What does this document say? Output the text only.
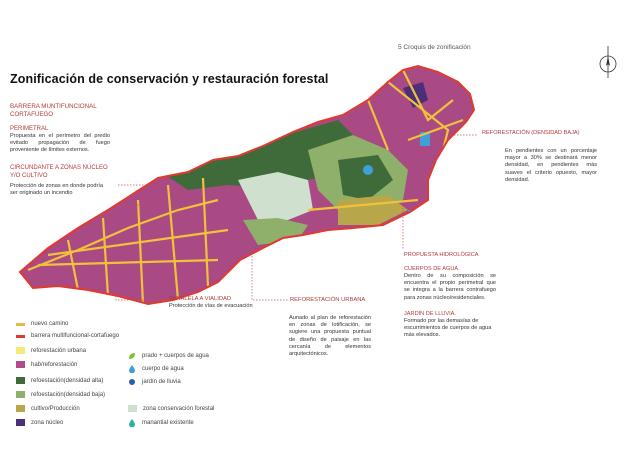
5 Croquis de zonificación
Zonificación de conservación y restauración forestal
BARRERA MUNTIFUNCIONAL CORTAFUEGO
PERIMETRAL
Propuesta en el perímetro del predio evitado propagación de fuego proveniente de límites externos.
CIRCUNDANTE A ZONAS NÚCLEO Y/O CULTIVO
Protección de zonas en donde podría ser originado un incendio
PARALELA A VIALIDAD
Protección de vías de evacuación
REFORESTACIÓN URBANA
Aunado al plan de reforestación en zonas de lotificación, se sugiere una propuesta puntual de diseño de paisaje en las cercanía de elementos arquitectónicos.
REFORESTACIÓN (DENSIDAD BAJA)
En pendientes con un porcentaje mayor a 30% se destinará menor densidad, en pendientes más suaves el criterio opuesto, mayor densidad.
PROPUESTA HIDROLÓGICA
CUERPOS DE AGUA
Dentro de su composición se encuentra el propio perimetral que se integra a la barrera contrafuego para zonas núcleo/residenciales.
JARDÍN DE LLUVIA.
Formado por las demasías de escurrimientos de cuerpos de agua más elevados.
nuevo camino
barrera multifuncional-cortafuego
reforestación urbana
hab/reforestación
refoestación(densidad alta)
refoestación(densidad baja)
cultivo/Producción
zona núcleo
prado + cuerpos de agua
cuerpo de agua
jardín de lluvia
zona conservación forestal
manantial existente
